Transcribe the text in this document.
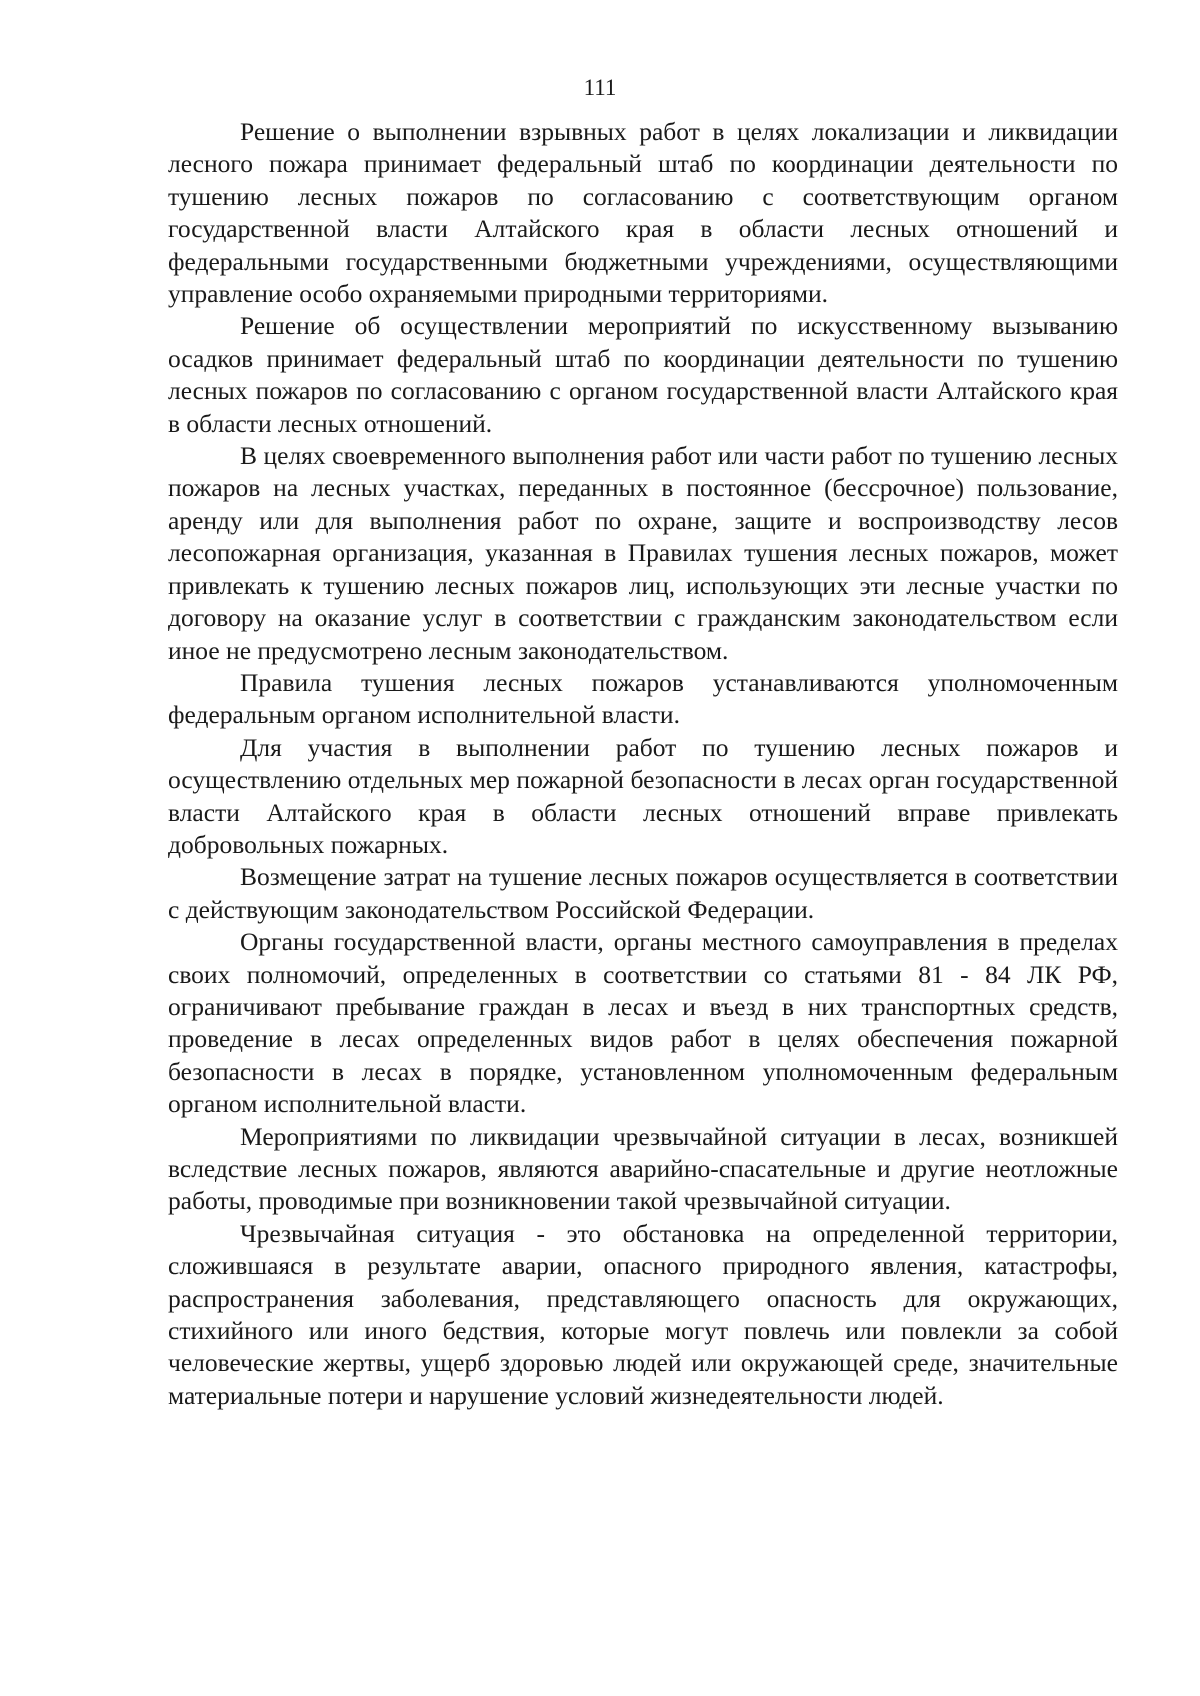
111

Решение о выполнении взрывных работ в целях локализации и ликвидации лесного пожара принимает федеральный штаб по координации деятельности по тушению лесных пожаров по согласованию с соответствующим органом государственной власти Алтайского края в области лесных отношений и федеральными государственными бюджетными учреждениями, осуществляющими управление особо охраняемыми природными территориями.

Решение об осуществлении мероприятий по искусственному вызыванию осадков принимает федеральный штаб по координации деятельности по тушению лесных пожаров по согласованию с органом государственной власти Алтайского края в области лесных отношений.

В целях своевременного выполнения работ или части работ по тушению лесных пожаров на лесных участках, переданных в постоянное (бессрочное) пользование, аренду или для выполнения работ по охране, защите и воспроизводству лесов лесопожарная организация, указанная в Правилах тушения лесных пожаров, может привлекать к тушению лесных пожаров лиц, использующих эти лесные участки по договору на оказание услуг в соответствии с гражданским законодательством если иное не предусмотрено лесным законодательством.

Правила тушения лесных пожаров устанавливаются уполномоченным федеральным органом исполнительной власти.

Для участия в выполнении работ по тушению лесных пожаров и осуществлению отдельных мер пожарной безопасности в лесах орган государственной власти Алтайского края в области лесных отношений вправе привлекать добровольных пожарных.

Возмещение затрат на тушение лесных пожаров осуществляется в соответствии с действующим законодательством Российской Федерации.

Органы государственной власти, органы местного самоуправления в пределах своих полномочий, определенных в соответствии со статьями 81 - 84 ЛК РФ, ограничивают пребывание граждан в лесах и въезд в них транспортных средств, проведение в лесах определенных видов работ в целях обеспечения пожарной безопасности в лесах в порядке, установленном уполномоченным федеральным органом исполнительной власти.

Мероприятиями по ликвидации чрезвычайной ситуации в лесах, возникшей вследствие лесных пожаров, являются аварийно-спасательные и другие неотложные работы, проводимые при возникновении такой чрезвычайной ситуации.

Чрезвычайная ситуация - это обстановка на определенной территории, сложившаяся в результате аварии, опасного природного явления, катастрофы, распространения заболевания, представляющего опасность для окружающих, стихийного или иного бедствия, которые могут повлечь или повлекли за собой человеческие жертвы, ущерб здоровью людей или окружающей среде, значительные материальные потери и нарушение условий жизнедеятельности людей.
